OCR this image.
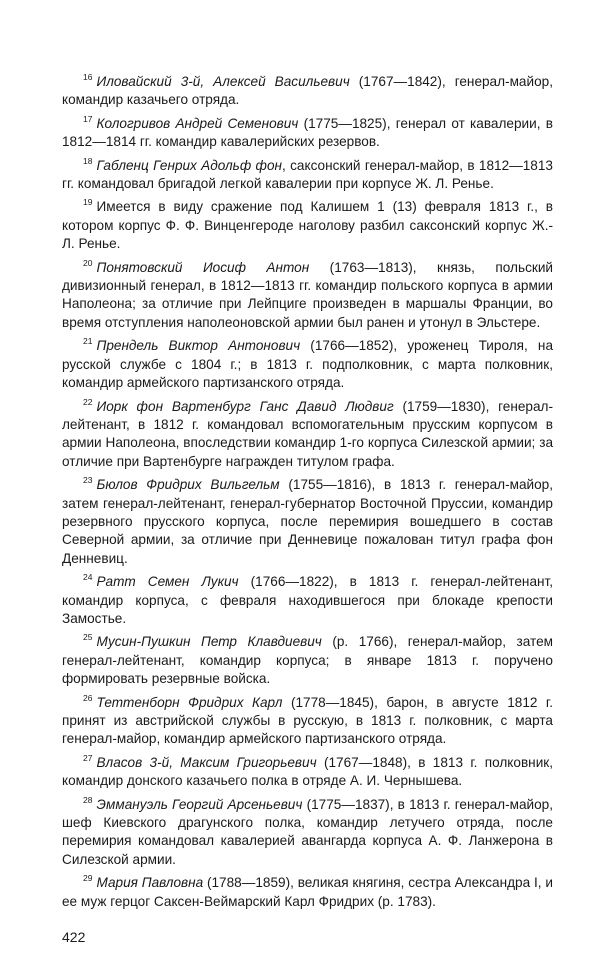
$^{16}$ Иловайский 3-й, Алексей Васильевич (1767—1842), генерал-майор, командир казачьего отряда.

$^{17}$ Кологривов Андрей Семенович (1775—1825), генерал от кавалерии, в 1812—1814 гг. командир кавалерийских резервов.

$^{18}$ Габленц Генрих Адольф фон, саксонский генерал-майор, в 1812—1813 гг. командовал бригадой легкой кавалерии при корпусе Ж. Л. Ренье.

$^{19}$ Имеется в виду сражение под Калишем 1 (13) февраля 1813 г., в котором корпус Ф. Ф. Винценгероде наголову разбил саксонский корпус Ж.-Л. Ренье.

$^{20}$ Понятовский Иосиф Антон (1763—1813), князь, польский дивизионный генерал, в 1812—1813 гг. командир польского корпуса в армии Наполеона; за отличие при Лейпциге произведен в маршалы Франции, во время отступления наполеоновской армии был ранен и утонул в Эльстере.

$^{21}$ Прендель Виктор Антонович (1766—1852), уроженец Тироля, на русской службе с 1804 г.; в 1813 г. подполковник, с марта полковник, командир армейского партизанского отряда.

$^{22}$ Иорк фон Вартенбург Ганс Давид Людвиг (1759—1830), генерал-лейтенант, в 1812 г. командовал вспомогательным прусским корпусом в армии Наполеона, впоследствии командир 1-го корпуса Силезской армии; за отличие при Вартенбурге награжден титулом графа.

$^{23}$ Бюлов Фридрих Вильгельм (1755—1816), в 1813 г. генерал-майор, затем генерал-лейтенант, генерал-губернатор Восточной Пруссии, командир резервного прусского корпуса, после перемирия вошедшего в состав Северной армии, за отличие при Денневице пожалован титул графа фон Денневиц.

$^{24}$ Ратт Семен Лукич (1766—1822), в 1813 г. генерал-лейтенант, командир корпуса, с февраля находившегося при блокаде крепости Замостье.

$^{25}$ Мусин-Пушкин Петр Клавдиевич (р. 1766), генерал-майор, затем генерал-лейтенант, командир корпуса; в январе 1813 г. поручено формировать резервные войска.

$^{26}$ Теттенборн Фридрих Карл (1778—1845), барон, в августе 1812 г. принят из австрийской службы в русскую, в 1813 г. полковник, с марта генерал-майор, командир армейского партизанского отряда.

$^{27}$ Власов 3-й, Максим Григорьевич (1767—1848), в 1813 г. полковник, командир донского казачьего полка в отряде А. И. Чернышева.

$^{28}$ Эммануэль Георгий Арсеньевич (1775—1837), в 1813 г. генерал-майор, шеф Киевского драгунского полка, командир летучего отряда, после перемирия командовал кавалерией авангарда корпуса А. Ф. Ланжерона в Силезской армии.

$^{29}$ Мария Павловна (1788—1859), великая княгиня, сестра Александра I, и ее муж герцог Саксен-Веймарский Карл Фридрих (р. 1783).

422
